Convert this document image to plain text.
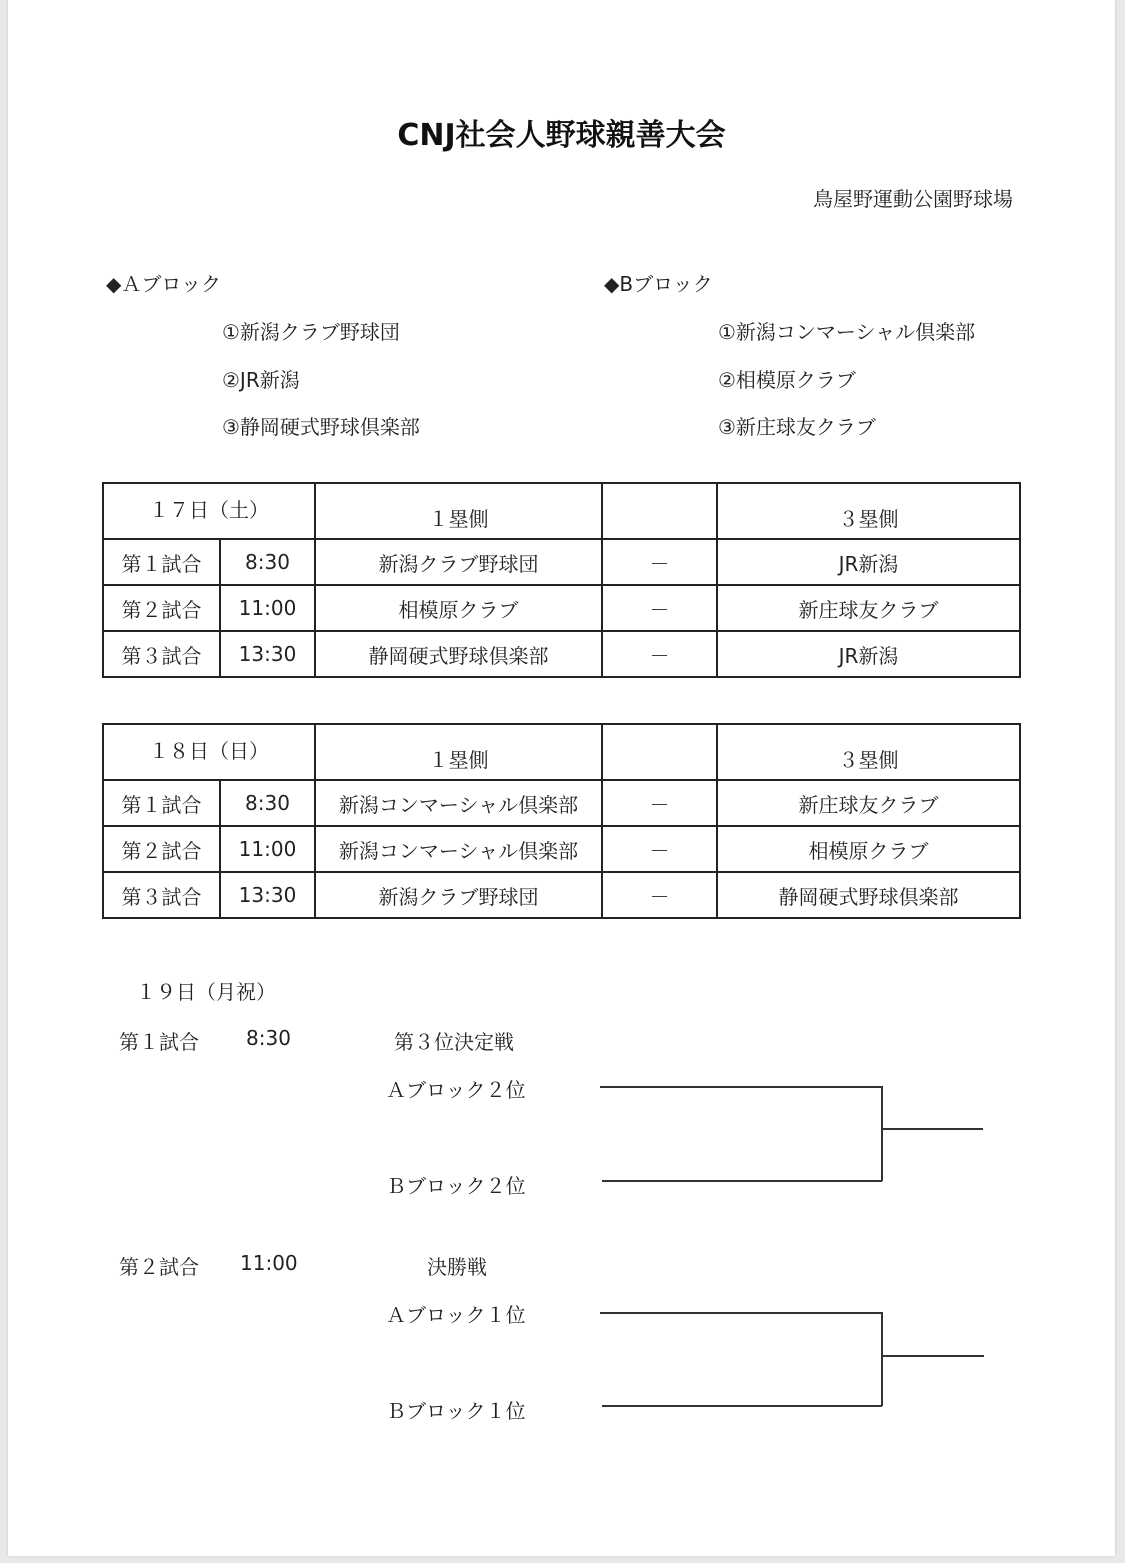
CNJ社会人野球親善大会
鳥屋野運動公園野球場
◆Ａブロック
①新潟クラブ野球団
②JR新潟
③静岡硬式野球倶楽部
◆Bブロック
①新潟コンマーシャル倶楽部
②相模原クラブ
③新庄球友クラブ
１７日（土）		１塁側		３塁側
第１試合	8:30	新潟クラブ野球団	－	JR新潟
第２試合	11:00	相模原クラブ	－	新庄球友クラブ
第３試合	13:30	静岡硬式野球倶楽部	－	JR新潟
１８日（日）		１塁側		３塁側
第１試合	8:30	新潟コンマーシャル倶楽部	－	新庄球友クラブ
第２試合	11:00	新潟コンマーシャル倶楽部	－	相模原クラブ
第３試合	13:30	新潟クラブ野球団	－	静岡硬式野球倶楽部
１９日（月祝）
第１試合 8:30	第３位決定戦
Ａブロック２位
Ｂブロック２位
第２試合 11:00	決勝戦
Ａブロック１位
Ｂブロック１位
